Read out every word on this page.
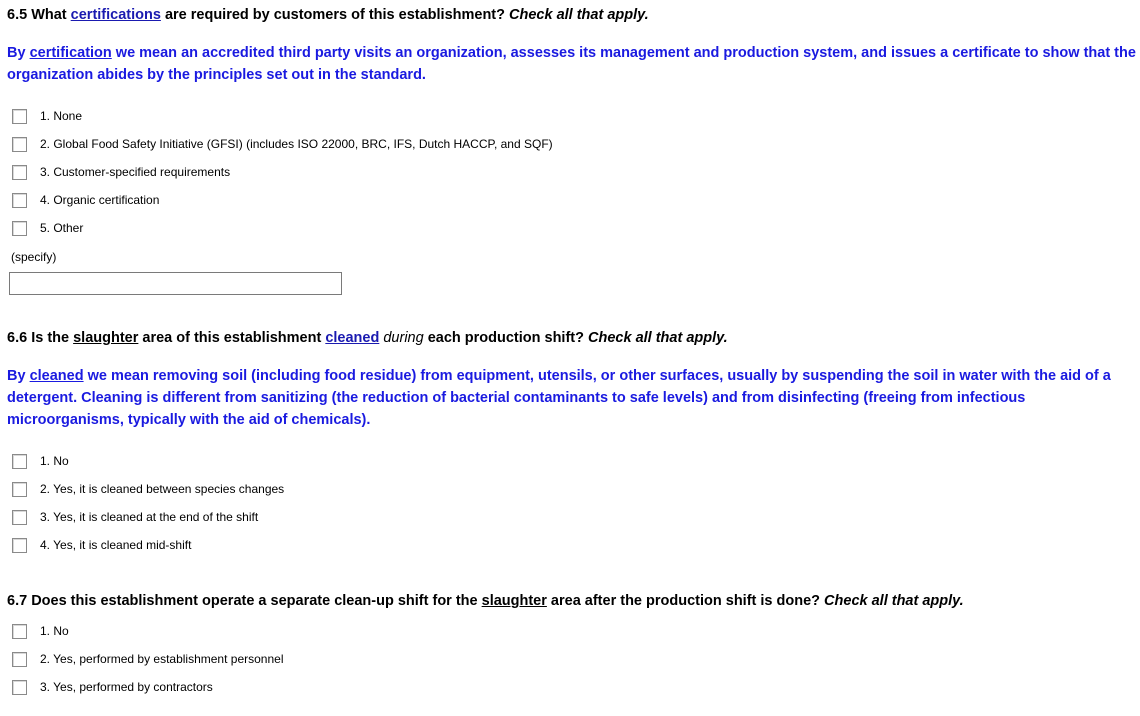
6.5 What certifications are required by customers of this establishment? Check all that apply.
By certification we mean an accredited third party visits an organization, assesses its management and production system, and issues a certificate to show that the organization abides by the principles set out in the standard.
1. None
2. Global Food Safety Initiative (GFSI) (includes ISO 22000, BRC, IFS, Dutch HACCP, and SQF)
3. Customer-specified requirements
4. Organic certification
5. Other
(specify)
6.6 Is the slaughter area of this establishment cleaned during each production shift? Check all that apply.
By cleaned we mean removing soil (including food residue) from equipment, utensils, or other surfaces, usually by suspending the soil in water with the aid of a detergent. Cleaning is different from sanitizing (the reduction of bacterial contaminants to safe levels) and from disinfecting (freeing from infectious microorganisms, typically with the aid of chemicals).
1. No
2. Yes, it is cleaned between species changes
3. Yes, it is cleaned at the end of the shift
4. Yes, it is cleaned mid-shift
6.7 Does this establishment operate a separate clean-up shift for the slaughter area after the production shift is done? Check all that apply.
1. No
2. Yes, performed by establishment personnel
3. Yes, performed by contractors
